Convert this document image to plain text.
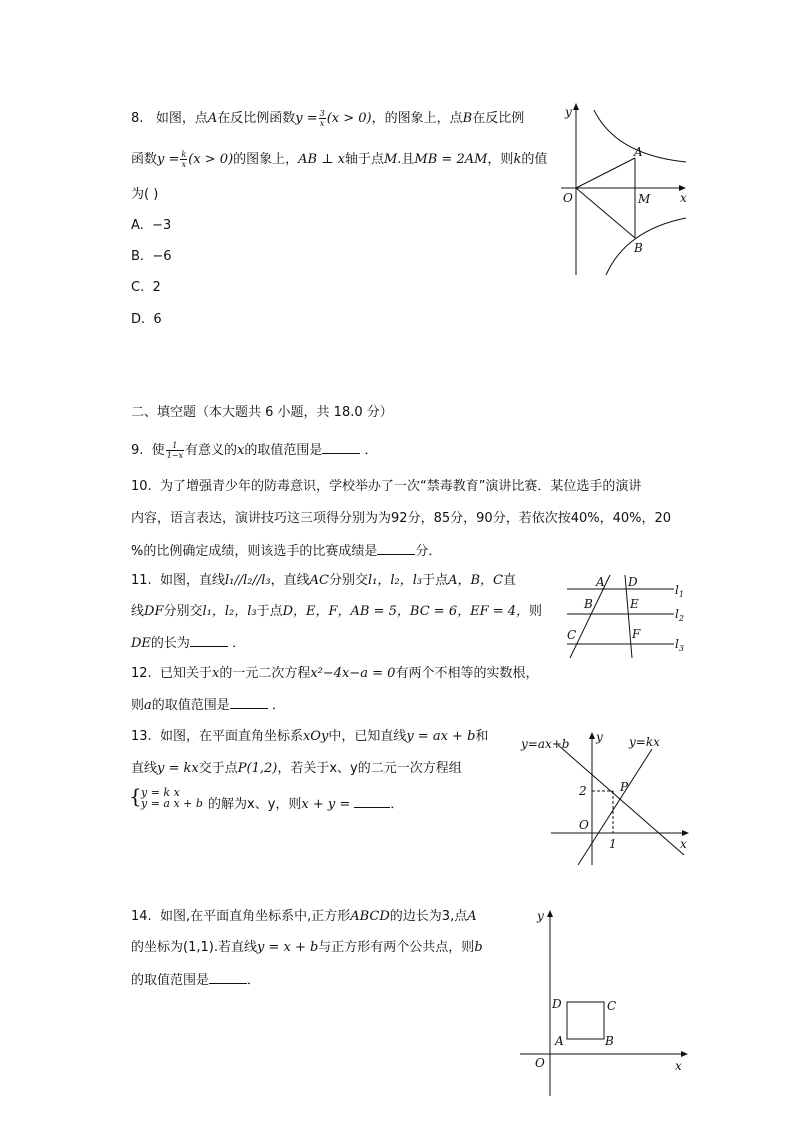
8. 如图，点A在反比例函数$y = \frac{3}{x} (x > 0)$，的图象上，点B在反比例
函数$y = \frac{k}{x} (x > 0)$的图象上，AB ⊥ x轴于点M.且MB = 2AM，则k的值
为( )
A. −3
B. −6
C. 2
D. 6
y
x
O
A
M
B
二、填空题（本大题共 6 小题，共 18.0 分）
9. 使 $\frac{1}{1-x}$ 有意义的x的取值范围是	．
10. 为了增强青少年的防毒意识，学校举办了一次“禁毒教育”演讲比赛．某位选手的演讲
内容，语言表达，演讲技巧这三项得分别为为92分，85分，90分，若依次按40%，40%，20
%的比例确定成绩，则该选手的比赛成绩是	分．
11. 如图，直线l₁//l₂//l₃，直线AC分别交l₁，l₂，l₃于点A，B，C直
线DF分别交l₁，l₂，l₃于点D，E，F，AB = 5，BC = 6，EF = 4，则
DE的长为	．
A D
B	E
C	F
$l_1$
$l_2$
$l_3$
12. 已知关于x的一元二次方程x²−4x−a = 0有两个不相等的实数根，
则a的取值范围是	．
13. 如图，在平面直角坐标系xOy中，已知直线y = ax + b和
直线y = kx交于点P(1,2)，若关于x、y的二元一次方程组
{ y = k x
y = a x + b 的解为x、y，则x + y =	．
y=ax+b	y=kx
y
x
O
P
2
1
14. 如图,在平面直角坐标系中,正方形ABCD的边长为3,点A
的坐标为(1,1).若直线y = x + b与正方形有两个公共点，则b
的取值范围是	．
y
x
O
A	B
C
D
